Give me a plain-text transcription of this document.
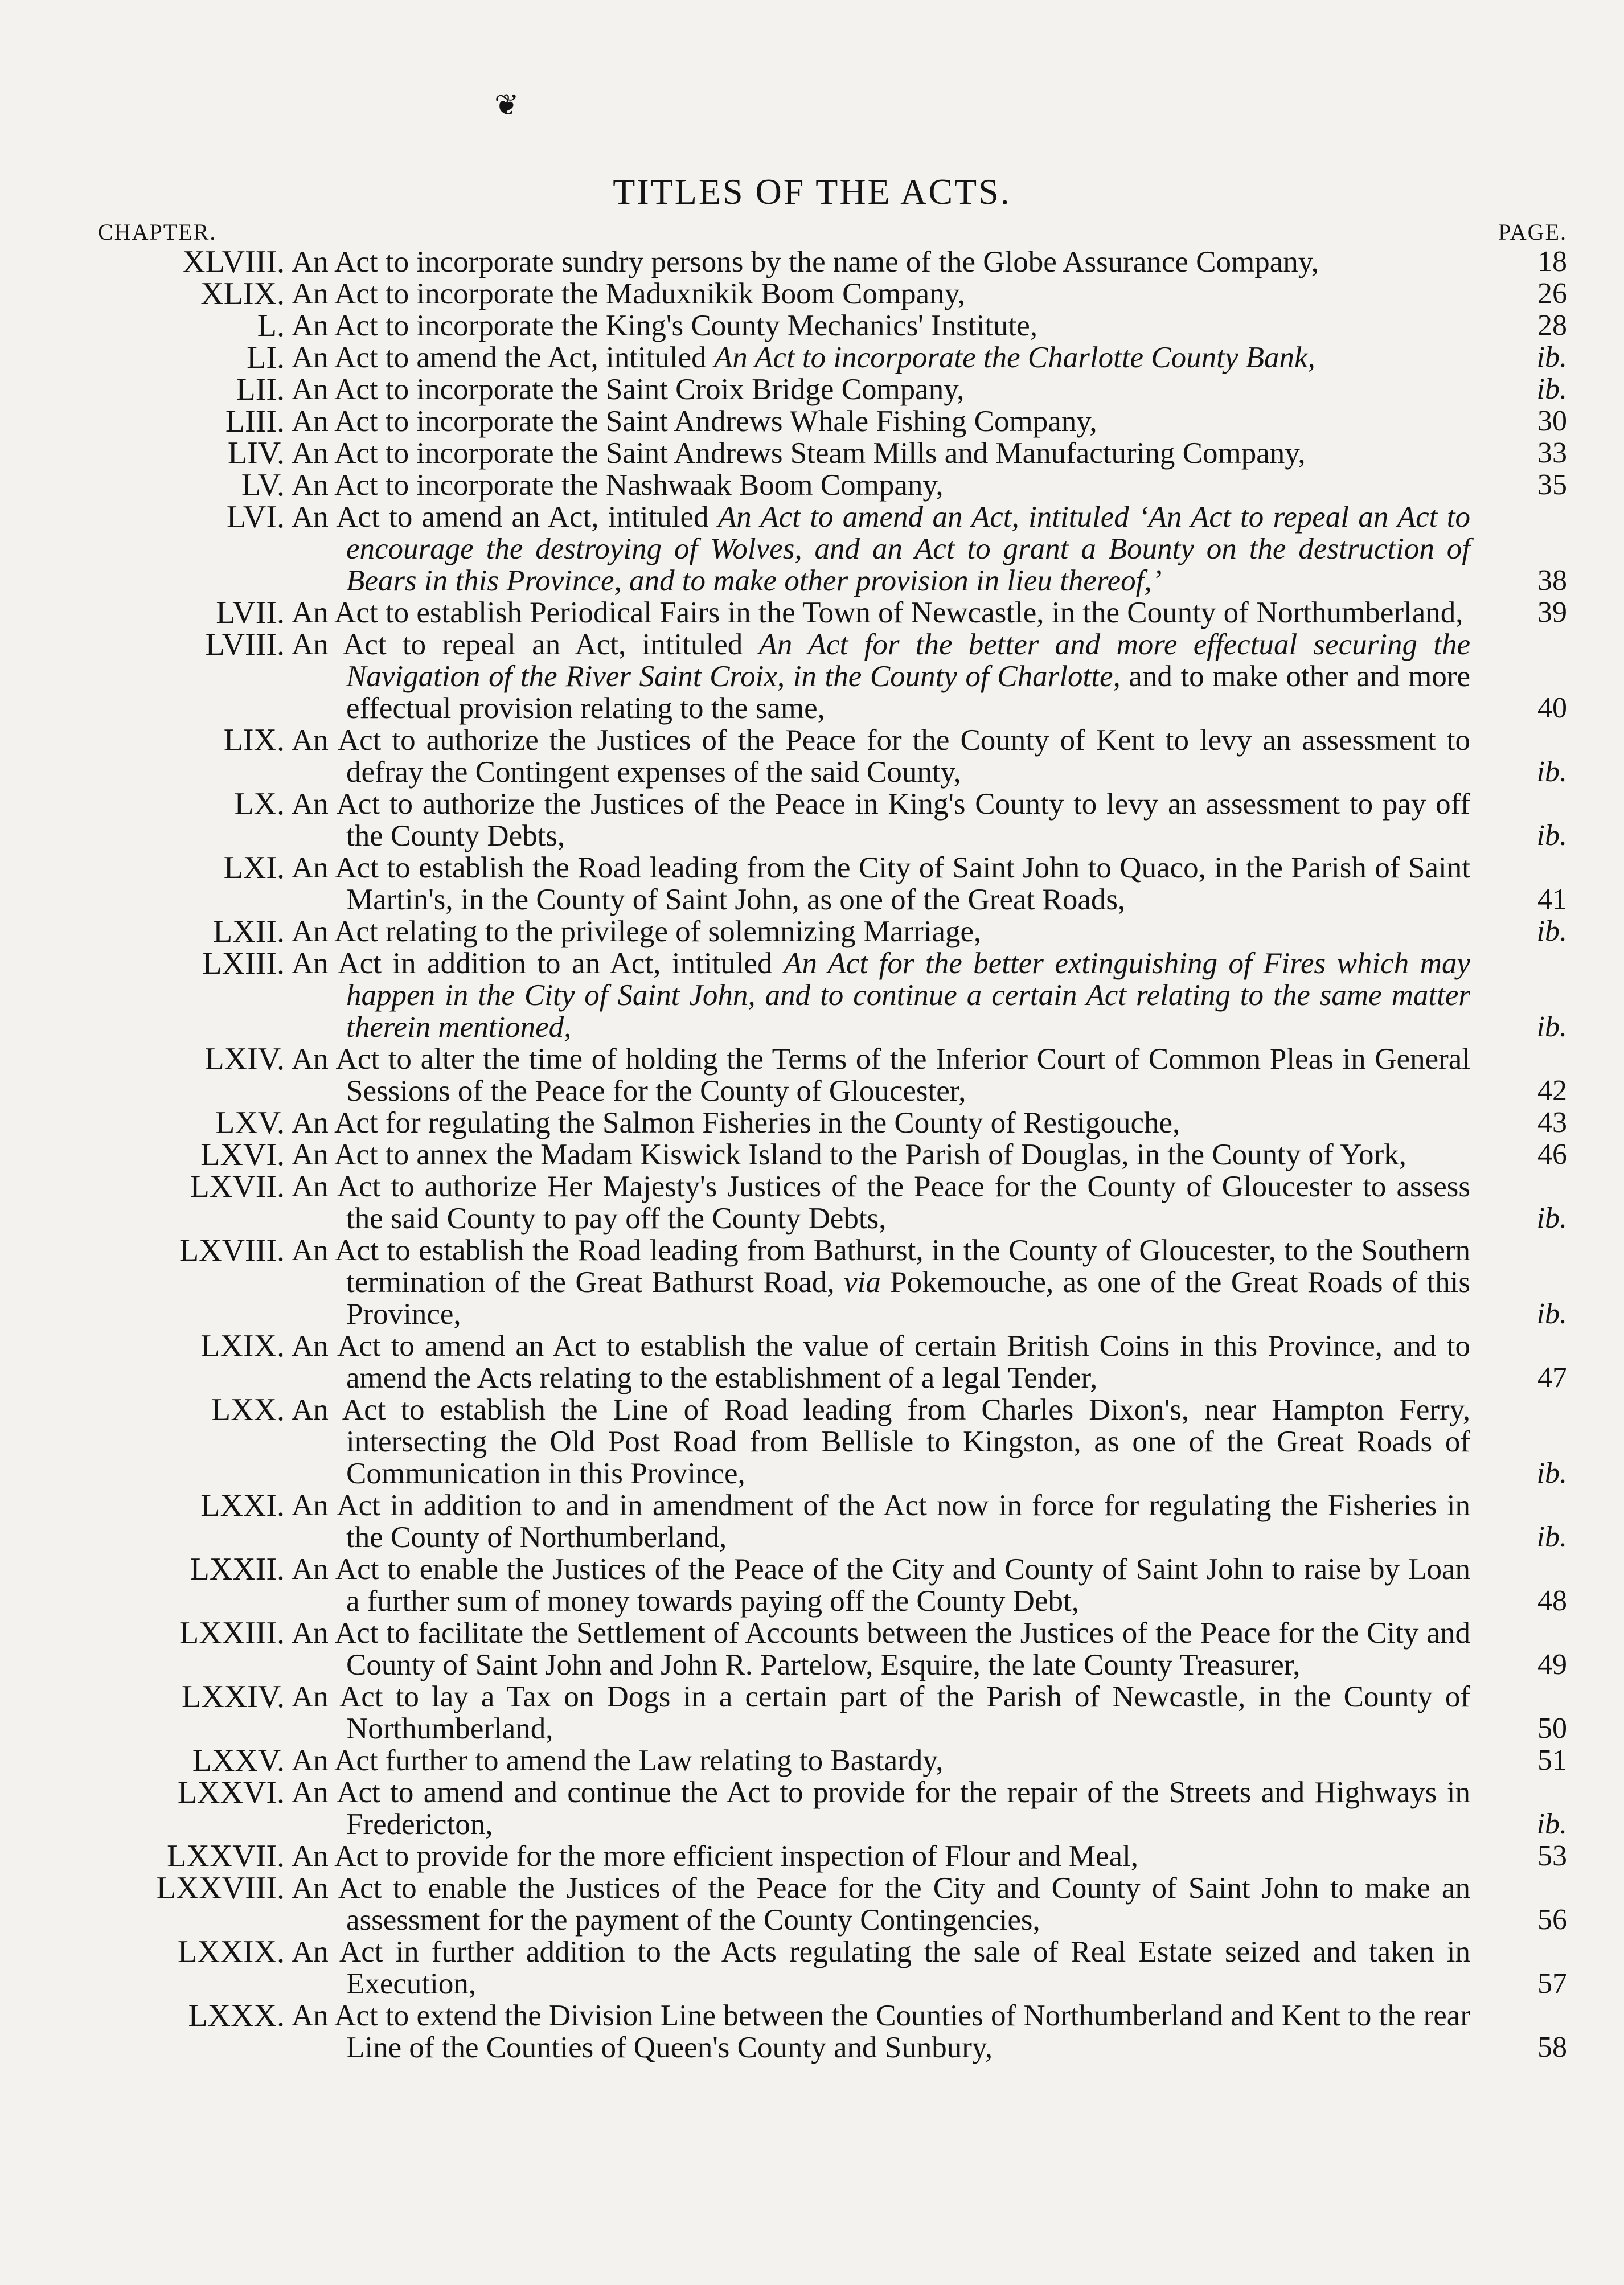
❦
TITLES OF THE ACTS.
CHAPTER.	PAGE.
XLVIII. An Act to incorporate sundry persons by the name of the Globe Assurance Company,	18
XLIX. An Act to incorporate the Maduxnikik Boom Company,	26
L. An Act to incorporate the King's County Mechanics' Institute,	28
LI. An Act to amend the Act, intituled An Act to incorporate the Charlotte County Bank,	ib.
LII. An Act to incorporate the Saint Croix Bridge Company,	ib.
LIII. An Act to incorporate the Saint Andrews Whale Fishing Company,	30
LIV. An Act to incorporate the Saint Andrews Steam Mills and Manufacturing Company,	33
LV. An Act to incorporate the Nashwaak Boom Company,	35
LVI. An Act to amend an Act, intituled An Act to amend an Act, intituled ‘An Act to repeal an Act to encourage the destroying of Wolves, and an Act to grant a Bounty on the destruction of Bears in this Province, and to make other provision in lieu thereof,’	38
LVII. An Act to establish Periodical Fairs in the Town of Newcastle, in the County of Northumberland,	39
LVIII. An Act to repeal an Act, intituled An Act for the better and more effectual securing the Navigation of the River Saint Croix, in the County of Charlotte, and to make other and more effectual provision relating to the same,	40
LIX. An Act to authorize the Justices of the Peace for the County of Kent to levy an assessment to defray the Contingent expenses of the said County,	ib.
LX. An Act to authorize the Justices of the Peace in King's County to levy an assessment to pay off the County Debts,	ib.
LXI. An Act to establish the Road leading from the City of Saint John to Quaco, in the Parish of Saint Martin's, in the County of Saint John, as one of the Great Roads,	41
LXII. An Act relating to the privilege of solemnizing Marriage,	ib.
LXIII. An Act in addition to an Act, intituled An Act for the better extinguishing of Fires which may happen in the City of Saint John, and to continue a certain Act relating to the same matter therein mentioned,	ib.
LXIV. An Act to alter the time of holding the Terms of the Inferior Court of Common Pleas in General Sessions of the Peace for the County of Gloucester,	42
LXV. An Act for regulating the Salmon Fisheries in the County of Restigouche,	43
LXVI. An Act to annex the Madam Kiswick Island to the Parish of Douglas, in the County of York,	46
LXVII. An Act to authorize Her Majesty's Justices of the Peace for the County of Gloucester to assess the said County to pay off the County Debts,	ib.
LXVIII. An Act to establish the Road leading from Bathurst, in the County of Gloucester, to the Southern termination of the Great Bathurst Road, via Pokemouche, as one of the Great Roads of this Province,	ib.
LXIX. An Act to amend an Act to establish the value of certain British Coins in this Province, and to amend the Acts relating to the establishment of a legal Tender,	47
LXX. An Act to establish the Line of Road leading from Charles Dixon's, near Hampton Ferry, intersecting the Old Post Road from Bellisle to Kingston, as one of the Great Roads of Communication in this Province,	ib.
LXXI. An Act in addition to and in amendment of the Act now in force for regulating the Fisheries in the County of Northumberland,	ib.
LXXII. An Act to enable the Justices of the Peace of the City and County of Saint John to raise by Loan a further sum of money towards paying off the County Debt,	48
LXXIII. An Act to facilitate the Settlement of Accounts between the Justices of the Peace for the City and County of Saint John and John R. Partelow, Esquire, the late County Treasurer,	49
LXXIV. An Act to lay a Tax on Dogs in a certain part of the Parish of Newcastle, in the County of Northumberland,	50
LXXV. An Act further to amend the Law relating to Bastardy,	51
LXXVI. An Act to amend and continue the Act to provide for the repair of the Streets and Highways in Fredericton,	ib.
LXXVII. An Act to provide for the more efficient inspection of Flour and Meal,	53
LXXVIII. An Act to enable the Justices of the Peace for the City and County of Saint John to make an assessment for the payment of the County Contingencies,	56
LXXIX. An Act in further addition to the Acts regulating the sale of Real Estate seized and taken in Execution,	57
LXXX. An Act to extend the Division Line between the Counties of Northumberland and Kent to the rear Line of the Counties of Queen's County and Sunbury,	58
